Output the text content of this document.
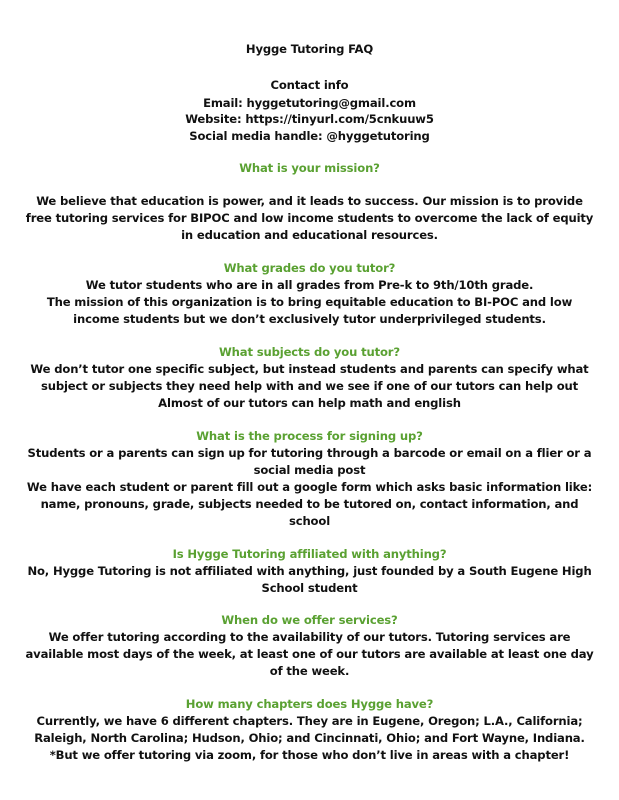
Hygge Tutoring FAQ
Contact info
Email: hyggetutoring@gmail.com
Website: https://tinyurl.com/5cnkuuw5
Social media handle: @hyggetutoring
What is your mission?
We believe that education is power, and it leads to success. Our mission is to provide
free tutoring services for BIPOC and low income students to overcome the lack of equity
in education and educational resources.
What grades do you tutor?
We tutor students who are in all grades from Pre-k to 9th/10th grade.
The mission of this organization is to bring equitable education to BI-POC and low
income students but we don’t exclusively tutor underprivileged students.
What subjects do you tutor?
We don’t tutor one specific subject, but instead students and parents can specify what
subject or subjects they need help with and we see if one of our tutors can help out
Almost of our tutors can help math and english
What is the process for signing up?
Students or a parents can sign up for tutoring through a barcode or email on a flier or a
social media post
We have each student or parent fill out a google form which asks basic information like:
name, pronouns, grade, subjects needed to be tutored on, contact information, and
school
Is Hygge Tutoring affiliated with anything?
No, Hygge Tutoring is not affiliated with anything, just founded by a South Eugene High
School student
When do we offer services?
We offer tutoring according to the availability of our tutors. Tutoring services are
available most days of the week, at least one of our tutors are available at least one day
of the week.
How many chapters does Hygge have?
Currently, we have 6 different chapters. They are in Eugene, Oregon; L.A., California;
Raleigh, North Carolina; Hudson, Ohio; and Cincinnati, Ohio; and Fort Wayne, Indiana.
*But we offer tutoring via zoom, for those who don’t live in areas with a chapter!
